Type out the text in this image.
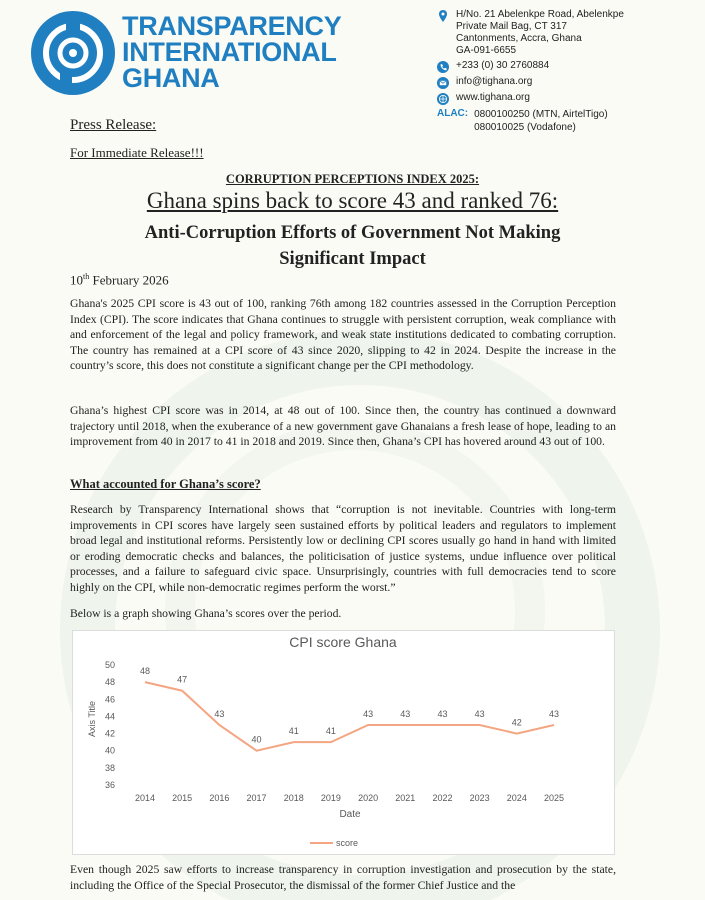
TRANSPARENCY
INTERNATIONAL
GHANA
H/No. 21 Abelenkpe Road, Abelenkpe
Private Mail Bag, CT 317
Cantonments, Accra, Ghana
GA-091-6655
+233 (0) 30 2760884
info@tighana.org
www.tighana.org
ALAC: 0800100250 (MTN, AirtelTigo)
080010025 (Vodafone)
Press Release:
For Immediate Release!!!
CORRUPTION PERCEPTIONS INDEX 2025:
Ghana spins back to score 43 and ranked 76:
Anti-Corruption Efforts of Government Not Making
Significant Impact
10th February 2026
Ghana's 2025 CPI score is 43 out of 100, ranking 76th among 182 countries assessed in the Corruption Perception Index (CPI). The score indicates that Ghana continues to struggle with persistent corruption, weak compliance with and enforcement of the legal and policy framework, and weak state institutions dedicated to combating corruption. The country has remained at a CPI score of 43 since 2020, slipping to 42 in 2024. Despite the increase in the country’s score, this does not constitute a significant change per the CPI methodology.
Ghana’s highest CPI score was in 2014, at 48 out of 100. Since then, the country has continued a downward trajectory until 2018, when the exuberance of a new government gave Ghanaians a fresh lease of hope, leading to an improvement from 40 in 2017 to 41 in 2018 and 2019. Since then, Ghana’s CPI has hovered around 43 out of 100.
What accounted for Ghana’s score?
Research by Transparency International shows that “corruption is not inevitable. Countries with long-term improvements in CPI scores have largely seen sustained efforts by political leaders and regulators to implement broad legal and institutional reforms. Persistently low or declining CPI scores usually go hand in hand with limited or eroding democratic checks and balances, the politicisation of justice systems, undue influence over political processes, and a failure to safeguard civic space. Unsurprisingly, countries with full democracies tend to score highly on the CPI, while non-democratic regimes perform the worst.”
Below is a graph showing Ghana’s scores over the period.
CPI score Ghana
Axis Title
Date
36
38
40
42
44
46
48
50
2014 2015 2016 2017 2018 2019 2020 2021 2022 2023 2024 2025
48
47
43
40
41	41
43	43	43	43
42
43
score
Even though 2025 saw efforts to increase transparency in corruption investigation and prosecution by the state, including the Office of the Special Prosecutor, the dismissal of the former Chief Justice and the
